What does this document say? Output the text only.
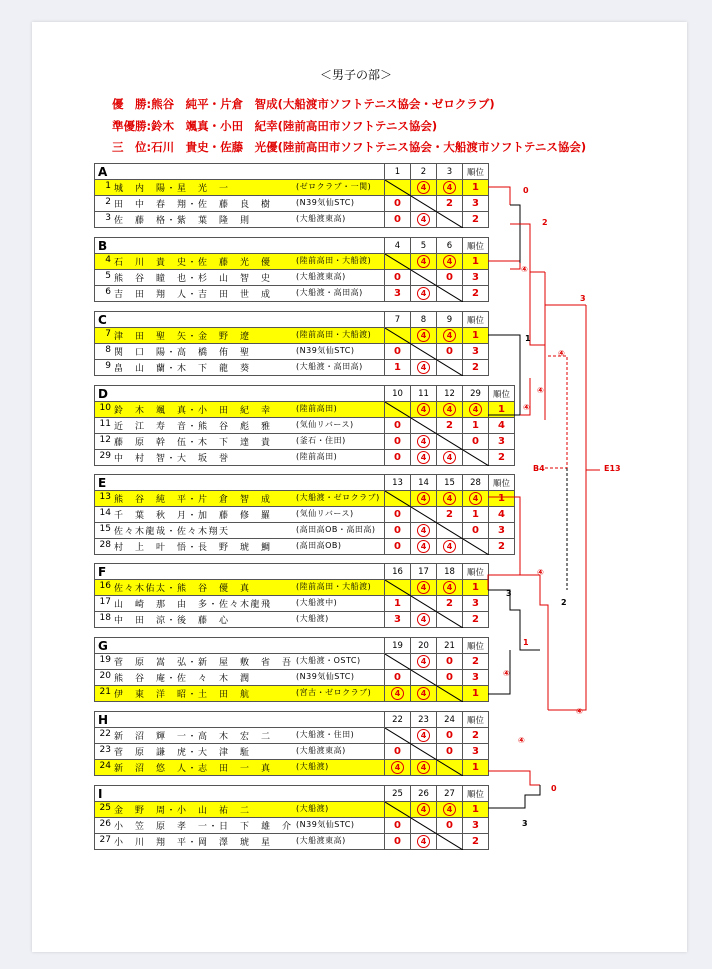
＜男子の部＞
優　勝:熊谷　純平・片倉　智成(大船渡市ソフトテニス協会・ゼロクラブ)
準優勝:鈴木　颯真・小田　紀幸(陸前高田市ソフトテニス協会)
三　位:石川　貴史・佐藤　光優(陸前高田市ソフトテニス協会・大船渡市ソフトテニス協会)
A	1	2	3	順位
1 城　内　陽・星　光　一 (ゼロクラブ・一関)		4	4	1
2 田　中　春　翔・佐　藤　良　樹 (N39気仙STC)	0		2	3
3 佐　藤　格・紫　葉　隆　則 (大船渡東高)	0	4		2
B	4	5	6	順位
4 石　川　貴　史・佐　藤　光　優 (陸前高田・大船渡)		4	4	1
5 熊　谷　瞳　也・杉　山　智　史 (大船渡東高)	0		0	3
6 吉　田　翔　人・吉　田　世　成 (大船渡・高田高)	3	4		2
C	7	8	9	順位
7 津　田　聖　矢・金　野　遼 (陸前高田・大船渡)		4	4	1
8 関　口　陽・高　橋　侑　聖 (N39気仙STC)	0		0	3
9 畠　山　蘭・木　下　龍　葵 (大船渡・高田高)	1	4		2
D	10	11	12	29	順位
10 鈴　木　颯　真・小　田　紀　幸 (陸前高田)		4	4	4	1
11 近　江　寿　音・熊　谷　彪　雅 (気仙リバース)	0		2	1	4
12 藤　原　幹　伍・木　下　達　貴 (釜石・住田)	0	4		0	3
29 中　村　智・大　坂　誉 (陸前高田)	0	4	4		2
E	13	14	15	28	順位
13 熊　谷　純　平・片　倉　智　成 (大船渡・ゼロクラブ)		4	4	4	1
14 千　葉　秋　月・加　藤　修　羅 (気仙リバース)	0		2	1	4
15 佐々木龍哉・佐々木翔天 (高田高OB・高田高)	0	4		0	3
28 村　上　叶　悟・長　野　琥　鯛 (高田高OB)	0	4	4		2
F	16	17	18	順位
16 佐々木佑太・熊　谷　優　真 (陸前高田・大船渡)		4	4	1
17 山　崎　那　由　多・佐々木龍飛 (大船渡中)	1		2	3
18 中　田　涼・後　藤　心 (大船渡)	3	4		2
G	19	20	21	順位
19 菅　原　嵩　弘・新　屋　敷　省　吾 (大船渡・OSTC)		4	0	2
20 熊　谷　庵・佐　々　木　潤 (N39気仙STC)	0		0	3
21 伊　東　洋　昭・土　田　航 (宮古・ゼロクラブ)	4	4		1
H	22	23	24	順位
22 新　沼　輝　一・高　木　宏　二 (大船渡・住田)		4	0	2
23 菅　原　謙　虎・大　津　駈 (大船渡東高)	0		0	3
24 新　沼　悠　人・志　田　一　真 (大船渡)	4	4		1
I	25	26	27	順位
25 金　野　周・小　山　祐　二 (大船渡)		4	4	1
26 小　笠　原　孝　一・日　下　雄　介 (N39気仙STC)	0		0	3
27 小　川　翔　平・岡　澤　琥　星 (大船渡東高)	0	4		2
0
2
④
3
1
④
④
④
B4	E13
④
2
3
1
④
④
④
0
3
